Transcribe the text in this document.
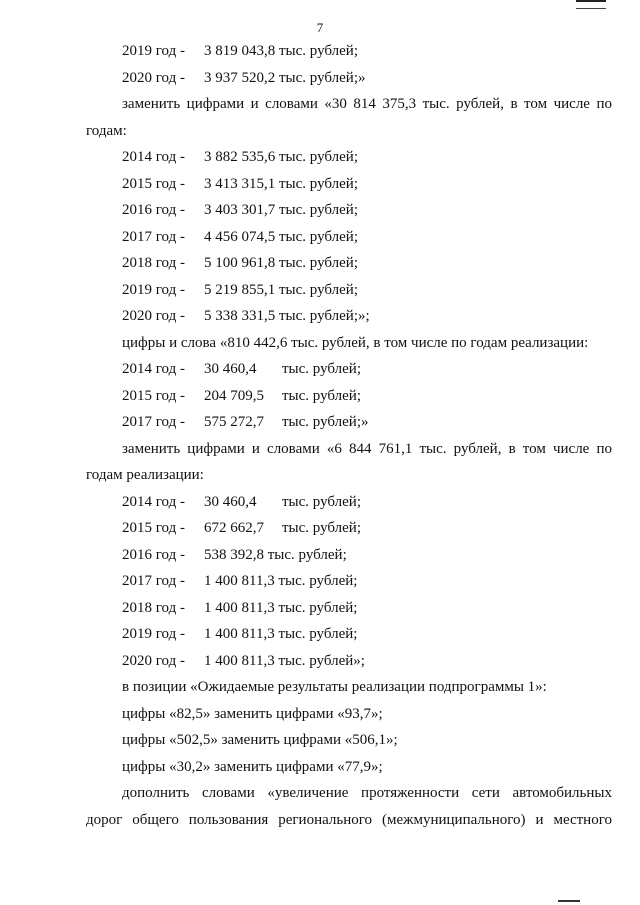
7
2019 год -	3 819 043,8 тыс. рублей;
2020 год -	3 937 520,2 тыс. рублей;»
заменить цифрами и словами «30 814 375,3 тыс. рублей, в том числе по
годам:
2014 год -	3 882 535,6 тыс. рублей;
2015 год -	3 413 315,1 тыс. рублей;
2016 год -	3 403 301,7 тыс. рублей;
2017 год -	4 456 074,5 тыс. рублей;
2018 год -	5 100 961,8 тыс. рублей;
2019 год -	5 219 855,1 тыс. рублей;
2020 год -	5 338 331,5 тыс. рублей;»;
цифры и слова «810 442,6 тыс. рублей, в том числе по годам реализации:
2014 год -	30 460,4	тыс. рублей;
2015 год -	204 709,5	тыс. рублей;
2017 год -	575 272,7	тыс. рублей;»
заменить цифрами и словами «6 844 761,1 тыс. рублей, в том числе по
годам реализации:
2014 год -	30 460,4	тыс. рублей;
2015 год -	672 662,7	тыс. рублей;
2016 год -	538 392,8 тыс. рублей;
2017 год -	1 400 811,3 тыс. рублей;
2018 год -	1 400 811,3 тыс. рублей;
2019 год -	1 400 811,3 тыс. рублей;
2020 год -	1 400 811,3 тыс. рублей»;
в позиции «Ожидаемые результаты реализации подпрограммы 1»:
цифры «82,5» заменить цифрами «93,7»;
цифры «502,5» заменить цифрами «506,1»;
цифры «30,2» заменить цифрами «77,9»;
дополнить словами «увеличение протяженности сети автомобильных
дорог общего пользования регионального (межмуниципального) и местного
